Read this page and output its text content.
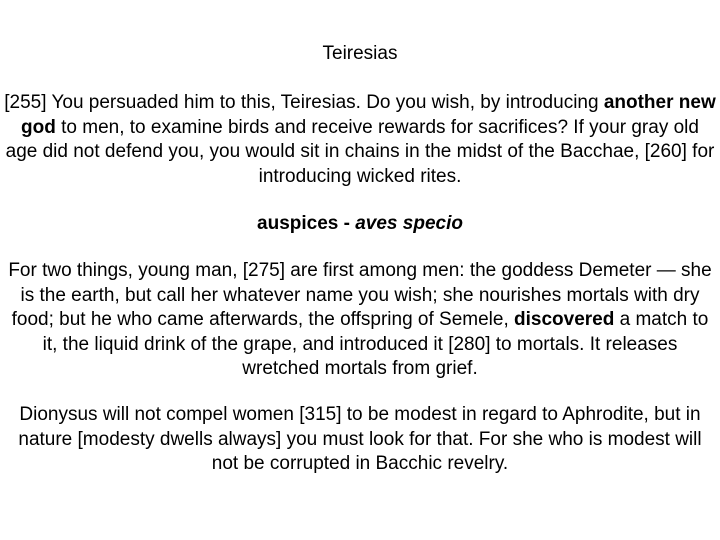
Teiresias
[255] You persuaded him to this, Teiresias. Do you wish, by introducing another new god to men, to examine birds and receive rewards for sacrifices? If your gray old age did not defend you, you would sit in chains in the midst of the Bacchae, [260] for introducing wicked rites.
auspices - aves specio
For two things, young man, [275] are first among men: the goddess Demeter — she is the earth, but call her whatever name you wish; she nourishes mortals with dry food; but he who came afterwards, the offspring of Semele, discovered a match to it, the liquid drink of the grape, and introduced it [280] to mortals. It releases wretched mortals from grief.
Dionysus will not compel women [315] to be modest in regard to Aphrodite, but in nature [modesty dwells always] you must look for that. For she who is modest will not be corrupted in Bacchic revelry.
